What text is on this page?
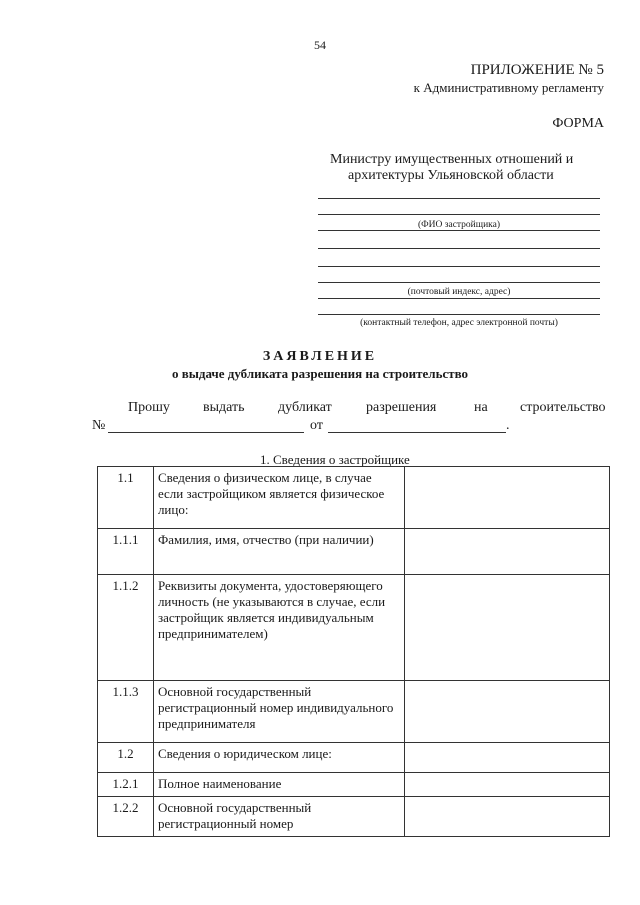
54
ПРИЛОЖЕНИЕ № 5
к Административному регламенту
ФОРМА
Министру имущественных отношений и
архитектуры Ульяновской области
(ФИО застройщика)
(почтовый индекс, адрес)
(контактный телефон, адрес электронной почты)
ЗАЯВЛЕНИЕ
о выдаче дубликата разрешения на строительство
Прошу выдать дубликат разрешения	на строительство
№	от	.
1. Сведения о застройщике
1.1	Сведения о физическом лице, в случае если застройщиком является физическое лицо:	
1.1.1	Фамилия, имя, отчество (при наличии)	
1.1.2	Реквизиты документа, удостоверяющего личность (не указываются в случае, если застройщик является индивидуальным предпринимателем)	
1.1.3	Основной государственный регистрационный номер индивидуального предпринимателя	
1.2	Сведения о юридическом лице:	
1.2.1	Полное наименование	
1.2.2	Основной государственный регистрационный номер	
